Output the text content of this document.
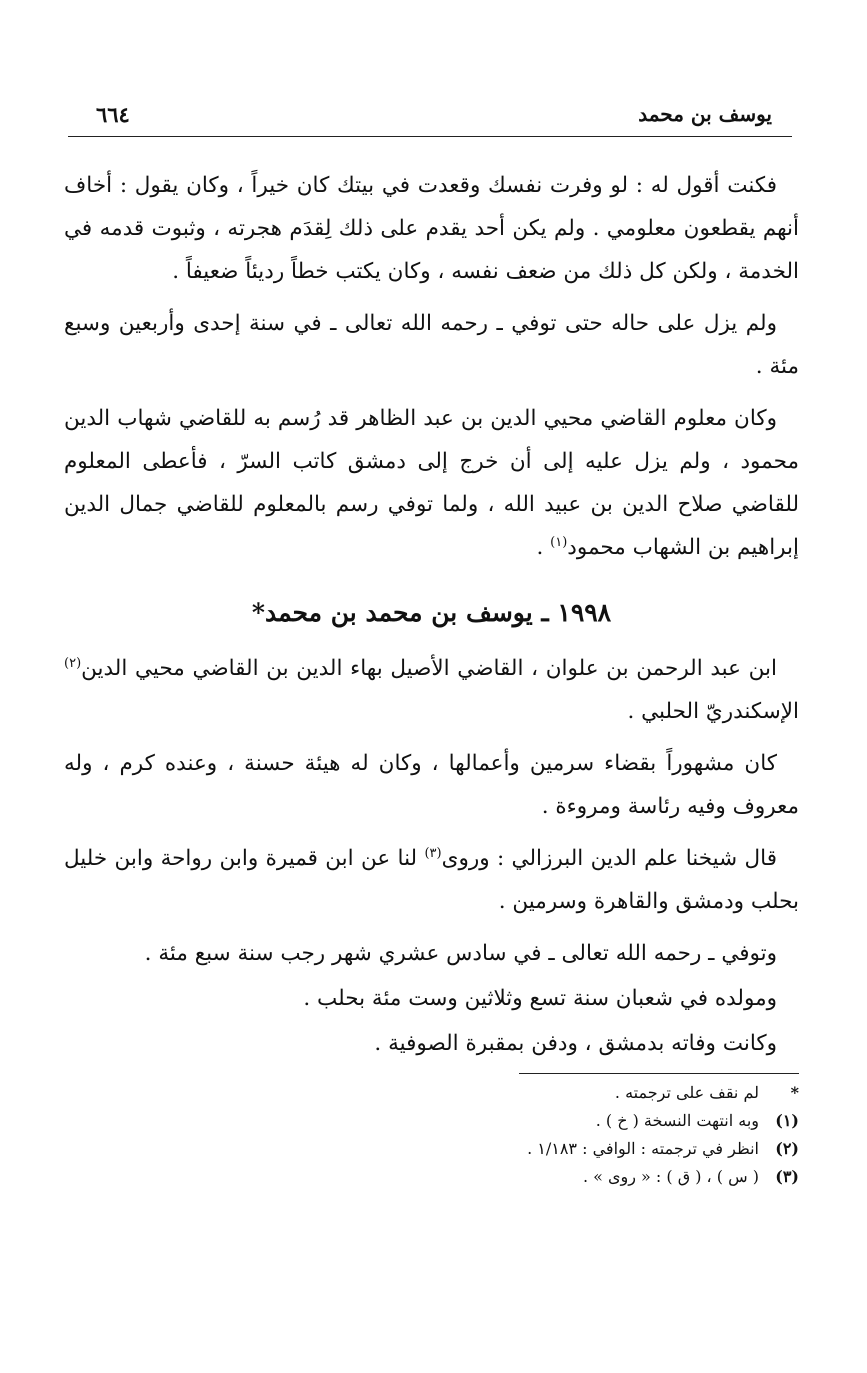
يوسف بن محمد
٦٦٤

فكنت أقول له : لو وفرت نفسك وقعدت في بيتك كان خيراً ، وكان يقول : أخاف أنهم يقطعون معلومي . ولم يكن أحد يقدم على ذلك لِقدَم هجرته ، وثبوت قدمه في الخدمة ، ولكن كل ذلك من ضعف نفسه ، وكان يكتب خطاً رديئاً ضعيفاً .

ولم يزل على حاله حتى توفي ـ رحمه الله تعالى ـ في سنة إحدى وأربعين وسبع مئة .

وكان معلوم القاضي محيي الدين بن عبد الظاهر قد رُسم به للقاضي شهاب الدين محمود ، ولم يزل عليه إلى أن خرج إلى دمشق كاتب السرّ ، فأعطى المعلوم للقاضي صلاح الدين بن عبيد الله ، ولما توفي رسم بالمعلوم للقاضي جمال الدين إبراهيم بن الشهاب محمود$^{(١)}$ .

١٩٩٨ ـ يوسف بن محمد بن محمد*

ابن عبد الرحمن بن علوان ، القاضي الأصيل بهاء الدين بن القاضي محيي الدين$^{(٢)}$ الإسكندريّ الحلبي .

كان مشهوراً بقضاء سرمين وأعمالها ، وكان له هيئة حسنة ، وعنده كرم ، وله معروف وفيه رئاسة ومروءة .

قال شيخنا علم الدين البرزالي : وروى$^{(٣)}$ لنا عن ابن قميرة وابن رواحة وابن خليل بحلب ودمشق والقاهرة وسرمين .

وتوفي ـ رحمه الله تعالى ـ في سادس عشري شهر رجب سنة سبع مئة .

ومولده في شعبان سنة تسع وثلاثين وست مئة بحلب .

وكانت وفاته بدمشق ، ودفن بمقبرة الصوفية .

*
لم نقف على ترجمته .
(١)
وبه انتهت النسخة ( خ ) .
(٢)
انظر في ترجمته : الوافي : ١/١٨٣ .
(٣)
( س ) ، ( ق ) : « روى » .
